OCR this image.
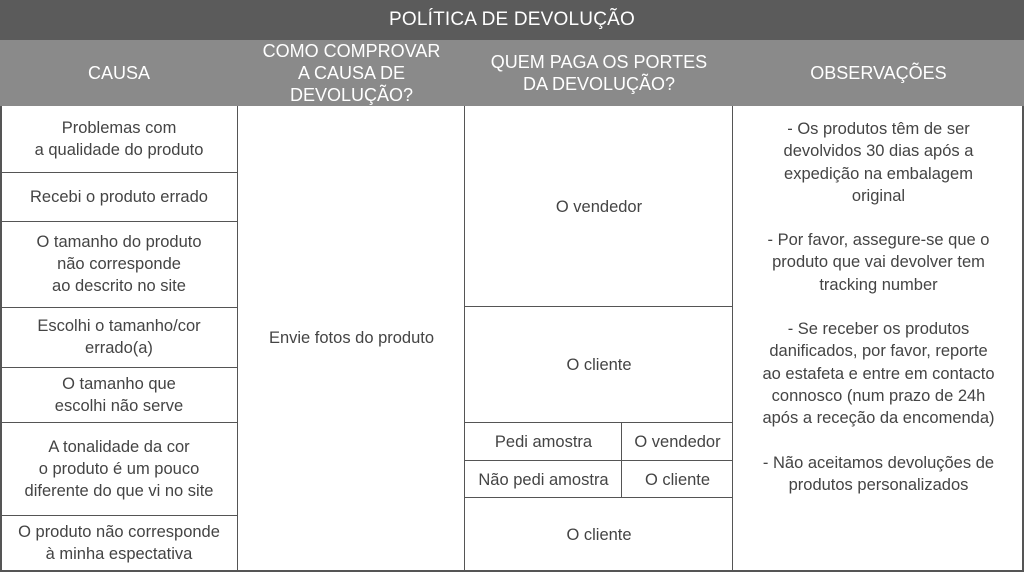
POLÍTICA DE DEVOLUÇÃO
CAUSA
COMO COMPROVAR
A CAUSA DE DEVOLUÇÃO?
QUEM PAGA OS PORTES
DA DEVOLUÇÃO?
OBSERVAÇÕES
Problemas com
a qualidade do produto
Recebi o produto errado
O tamanho do produto
não corresponde
ao descrito no site
Escolhi o tamanho/cor
errado(a)
O tamanho que
escolhi não serve
A tonalidade da cor
o produto é um pouco
diferente do que vi no site
O produto não corresponde
à minha espectativa
Envie fotos do produto
O vendedor
O cliente
Pedi amostra	O vendedor
Não pedi amostra	O cliente
O cliente

- Os produtos têm de ser
devolvidos 30 dias após a
expedição na embalagem
original

- Por favor, assegure-se que o
produto que vai devolver tem
tracking number

- Se receber os produtos
danificados, por favor, reporte
ao estafeta e entre em contacto
connosco (num prazo de 24h
após a receção da encomenda)

- Não aceitamos devoluções de
produtos personalizados
